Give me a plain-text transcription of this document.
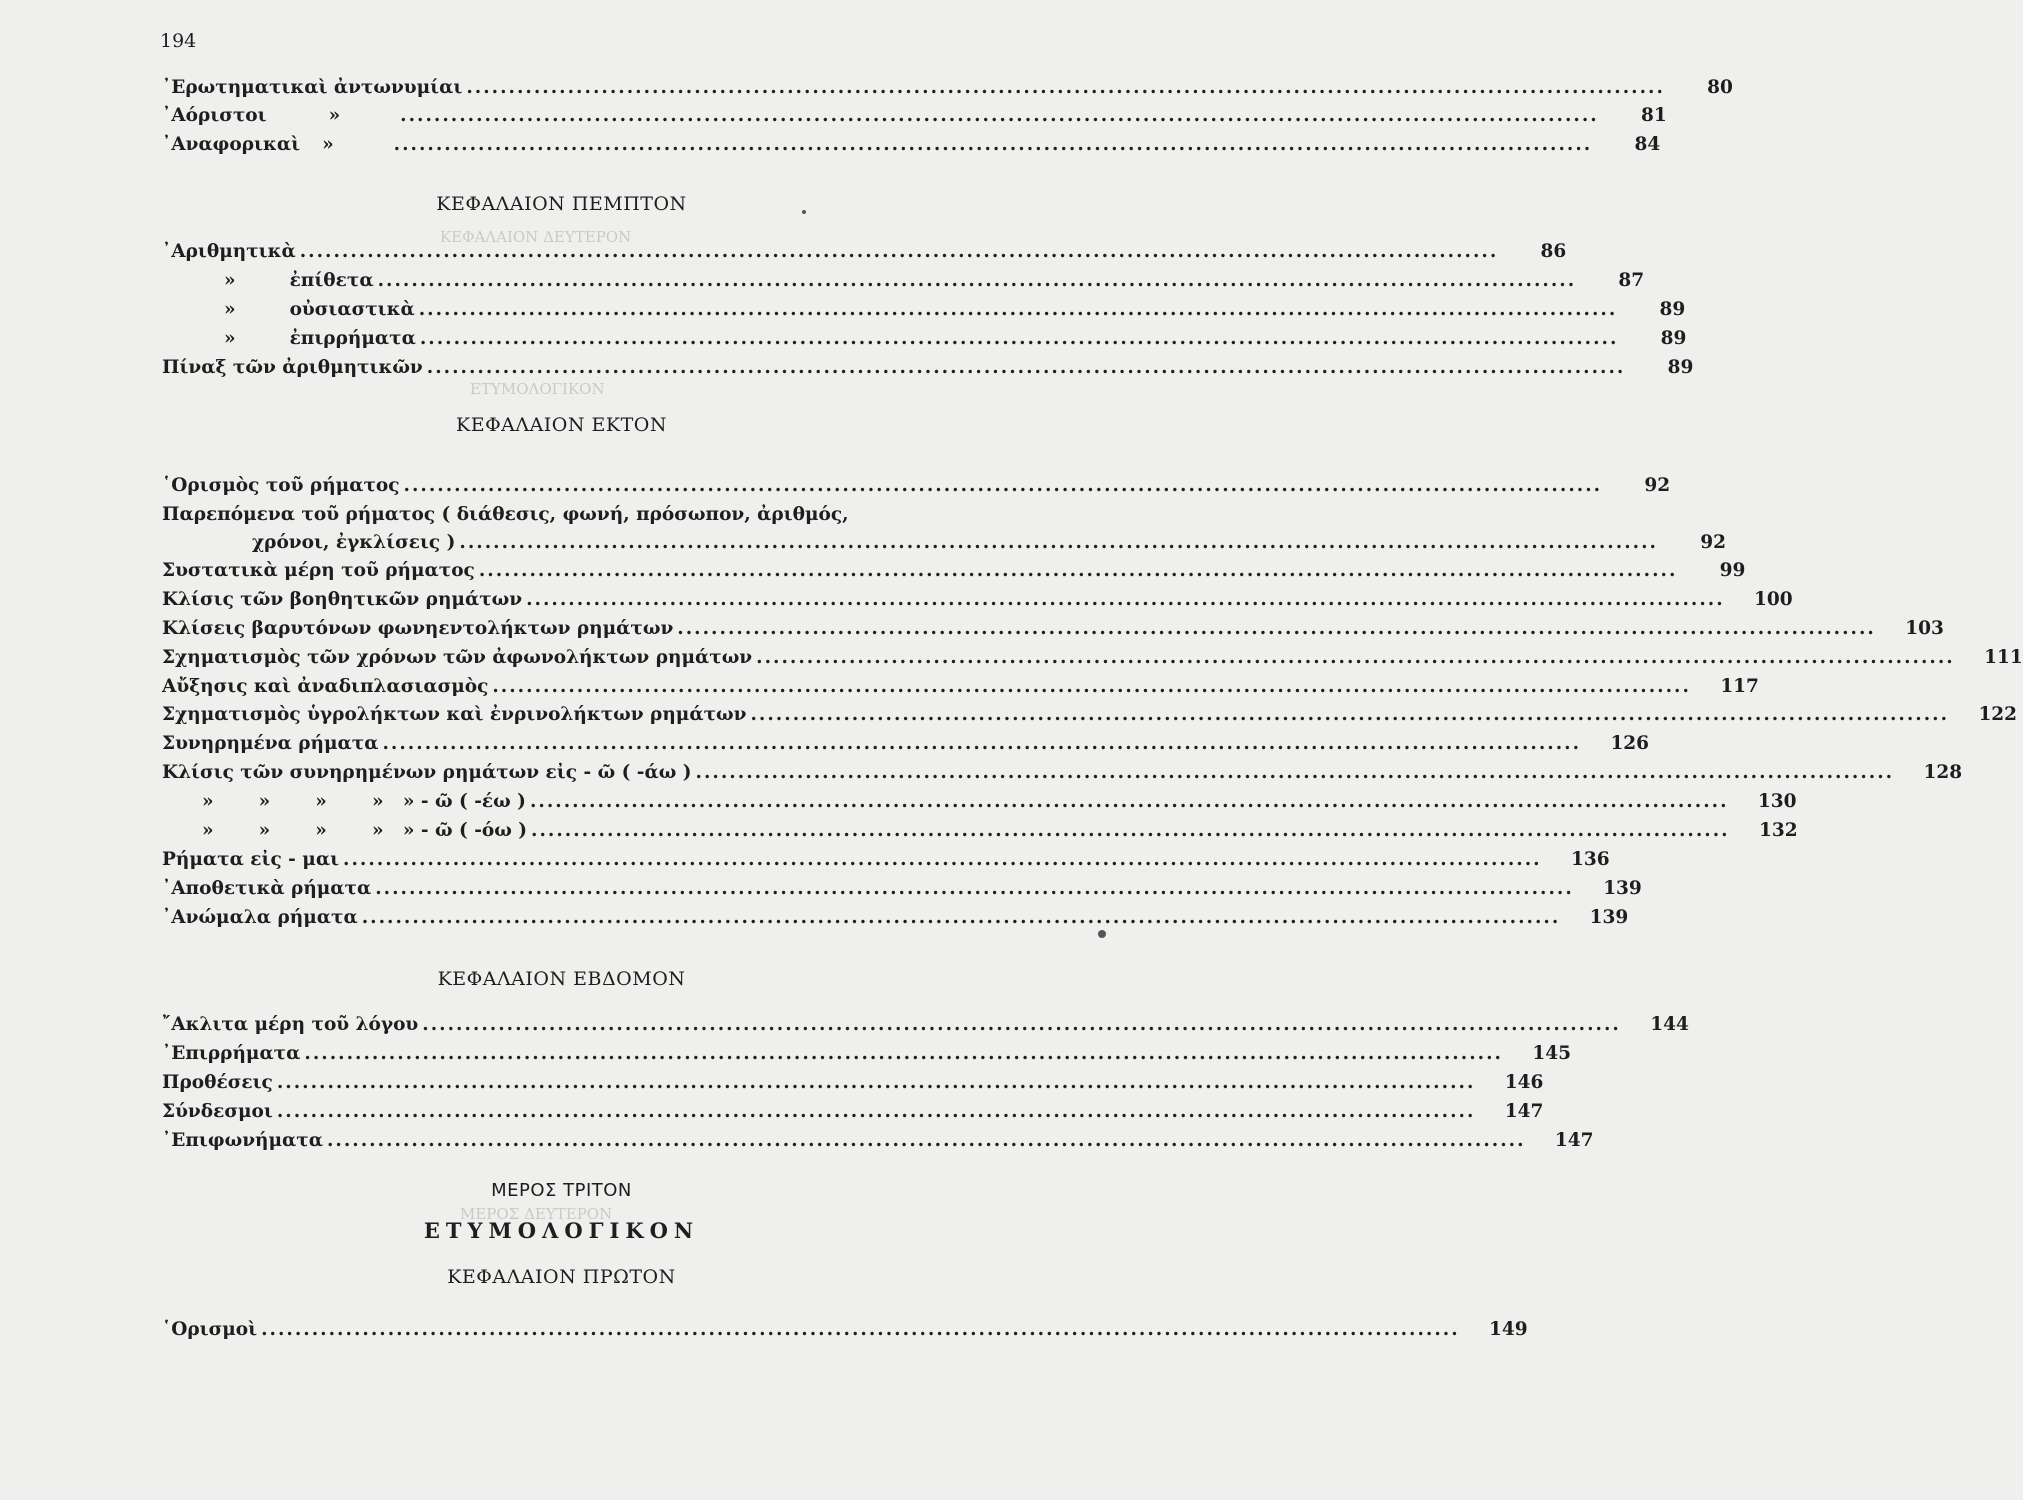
ΚΕΦΑΛΑΙΟΝ ΔΕΥΤΕΡΟΝ
ΕΤΥΜΟΛΟΓΙΚΟΝ
ΜΕΡΟΣ ΔΕΥΤΕΡΟΝ
194
᾽Ερωτηματικαὶ ἀντωνυμίαι ..............................................................................................................................................	80
᾽Αόριστοι	»	..............................................................................................................................................	81
᾽Αναφορικαὶ »	..............................................................................................................................................	84
ΚΕΦΑΛΑΙΟΝ ΠΕΜΠΤΟΝ
᾽Αριθμητικὰ ..............................................................................................................................................	86
»	ἐπίθετα ..............................................................................................................................................	87
»	οὐσιαστικὰ ..............................................................................................................................................	89
»	ἐπιρρήματα ..............................................................................................................................................	89
Πίναξ τῶν ἀριθμητικῶν ..............................................................................................................................................	89
ΚΕΦΑΛΑΙΟΝ ΕΚΤΟΝ
῾Ορισμὸς τοῦ ρήματος ..............................................................................................................................................	92
Παρεπόμενα τοῦ ρήματος ( διάθεσις, φωνή, πρόσωπον, ἀριθμός,
χρόνοι, ἐγκλίσεις ) ..............................................................................................................................................	92
Συστατικὰ μέρη τοῦ ρήματος ..............................................................................................................................................	99
Κλίσις τῶν βοηθητικῶν ρημάτων .............................................................................................................................................. 100
Κλίσεις βαρυτόνων φωνηεντολήκτων ρημάτων .............................................................................................................................................. 103
Σχηματισμὸς τῶν χρόνων τῶν ἀφωνολήκτων ρημάτων .............................................................................................................................................. 111
Αὔξησις καὶ ἀναδιπλασιασμὸς .............................................................................................................................................. 117
Σχηματισμὸς ὑγρολήκτων καὶ ἐνρινολήκτων ρημάτων .............................................................................................................................................. 122
Συνηρημένα ρήματα .............................................................................................................................................. 126
Κλίσις τῶν συνηρημένων ρημάτων εἰς - ῶ ( -άω ) .............................................................................................................................................. 128
»       »       »       »   » - ῶ ( -έω ) .............................................................................................................................................. 130
»       »       »       »   » - ῶ ( -όω ) .............................................................................................................................................. 132
Ρήματα εἰς - μαι .............................................................................................................................................. 136
᾽Αποθετικὰ ρήματα .............................................................................................................................................. 139
᾽Ανώμαλα ρήματα .............................................................................................................................................. 139
ΚΕΦΑΛΑΙΟΝ ΕΒΔΟΜΟΝ
῎Ακλιτα μέρη τοῦ λόγου .............................................................................................................................................. 144
᾽Επιρρήματα .............................................................................................................................................. 145
Προθέσεις .............................................................................................................................................. 146
Σύνδεσμοι .............................................................................................................................................. 147
᾽Επιφωνήματα .............................................................................................................................................. 147
ΜΕΡΟΣ ΤΡΙΤΟΝ
ΕΤΥΜΟΛΟΓΙΚΟΝ
ΚΕΦΑΛΑΙΟΝ ΠΡΩΤΟΝ
῾Ορισμοὶ .............................................................................................................................................. 149
